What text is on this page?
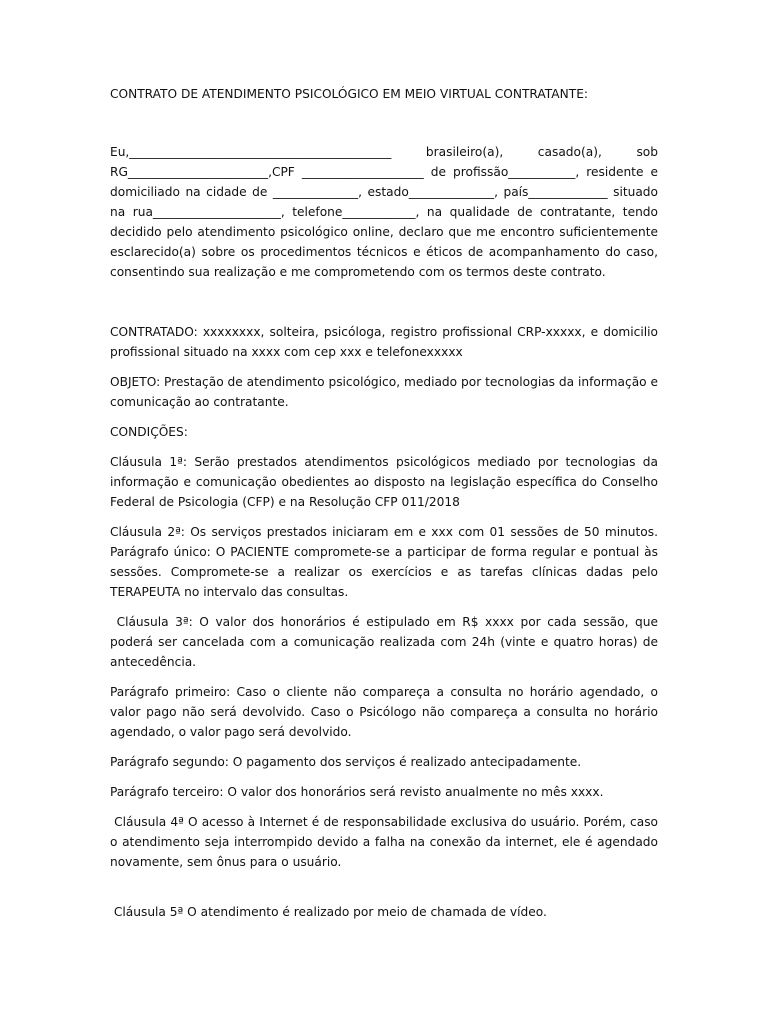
CONTRATO DE ATENDIMENTO PSICOLÓGICO EM MEIO VIRTUAL CONTRATANTE:

Eu,___________________________________________ brasileiro(a), casado(a), sob RG_______________________,CPF ____________________ de profissão___________, residente e domiciliado na cidade de ______________, estado______________, país_____________ situado na rua_____________________, telefone____________, na qualidade de contratante, tendo decidido pelo atendimento psicológico online, declaro que me encontro suficientemente esclarecido(a) sobre os procedimentos técnicos e éticos de acompanhamento do caso, consentindo sua realização e me comprometendo com os termos deste contrato.

CONTRATADO: xxxxxxxx, solteira, psicóloga, registro profissional CRP-xxxxx, e domicilio profissional situado na xxxx com cep xxx e telefonexxxxx

OBJETO: Prestação de atendimento psicológico, mediado por tecnologias da informação e comunicação ao contratante.

CONDIÇÕES:

Cláusula 1ª: Serão prestados atendimentos psicológicos mediado por tecnologias da informação e comunicação obedientes ao disposto na legislação específica do Conselho Federal de Psicologia (CFP) e na Resolução CFP 011/2018

Cláusula 2ª: Os serviços prestados iniciaram em e xxx com 01 sessões de 50 minutos. Parágrafo único: O PACIENTE compromete-se a participar de forma regular e pontual às sessões. Compromete-se a realizar os exercícios e as tarefas clínicas dadas pelo TERAPEUTA no intervalo das consultas.

Cláusula 3ª: O valor dos honorários é estipulado em R$ xxxx por cada sessão, que poderá ser cancelada com a comunicação realizada com 24h (vinte e quatro horas) de antecedência.

Parágrafo primeiro: Caso o cliente não compareça a consulta no horário agendado, o valor pago não será devolvido. Caso o Psicólogo não compareça a consulta no horário agendado, o valor pago será devolvido.

Parágrafo segundo: O pagamento dos serviços é realizado antecipadamente.

Parágrafo terceiro: O valor dos honorários será revisto anualmente no mês xxxx.

Cláusula 4ª O acesso à Internet é de responsabilidade exclusiva do usuário. Porém, caso o atendimento seja interrompido devido a falha na conexão da internet, ele é agendado novamente, sem ônus para o usuário.

Cláusula 5ª O atendimento é realizado por meio de chamada de vídeo.
